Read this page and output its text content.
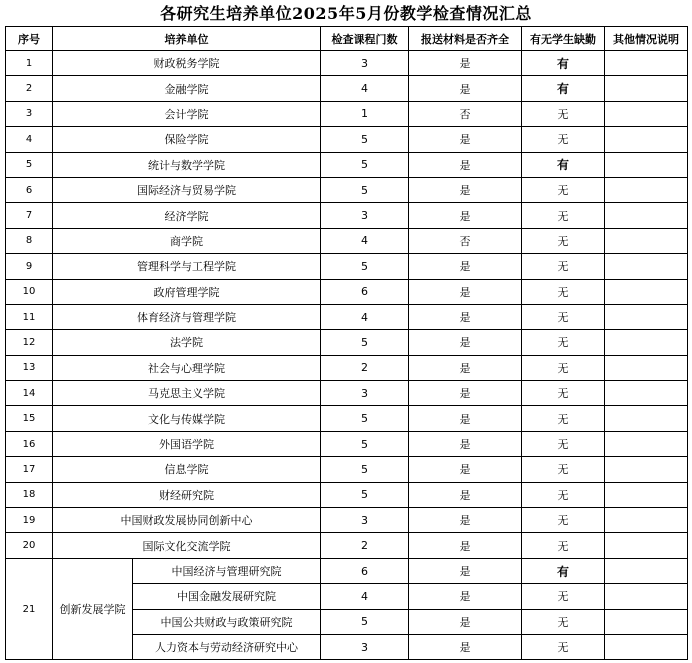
各研究生培养单位2025年5月份教学检查情况汇总
序号	培养单位		检查课程门数	报送材料是否齐全	有无学生缺勤	其他情况说明
1	财政税务学院		3	是	有	
2	金融学院		4	是	有	
3	会计学院		1	否	无	
4	保险学院		5	是	无	
5	统计与数学学院		5	是	有	
6	国际经济与贸易学院		5	是	无	
7	经济学院		3	是	无	
8	商学院		4	否	无	
9	管理科学与工程学院		5	是	无	
10	政府管理学院		6	是	无	
11	体育经济与管理学院		4	是	无	
12	法学院		5	是	无	
13	社会与心理学院		2	是	无	
14	马克思主义学院		3	是	无	
15	文化与传媒学院		5	是	无	
16	外国语学院		5	是	无	
17	信息学院		5	是	无	
18	财经研究院		5	是	无	
19	中国财政发展协同创新中心		3	是	无	
20	国际文化交流学院		2	是	无	
21	创新发展学院	中国经济与管理研究院	6	是	有	
		中国金融发展研究院	4	是	无	
		中国公共财政与政策研究院	5	是	无	
		人力资本与劳动经济研究中心	3	是	无	
